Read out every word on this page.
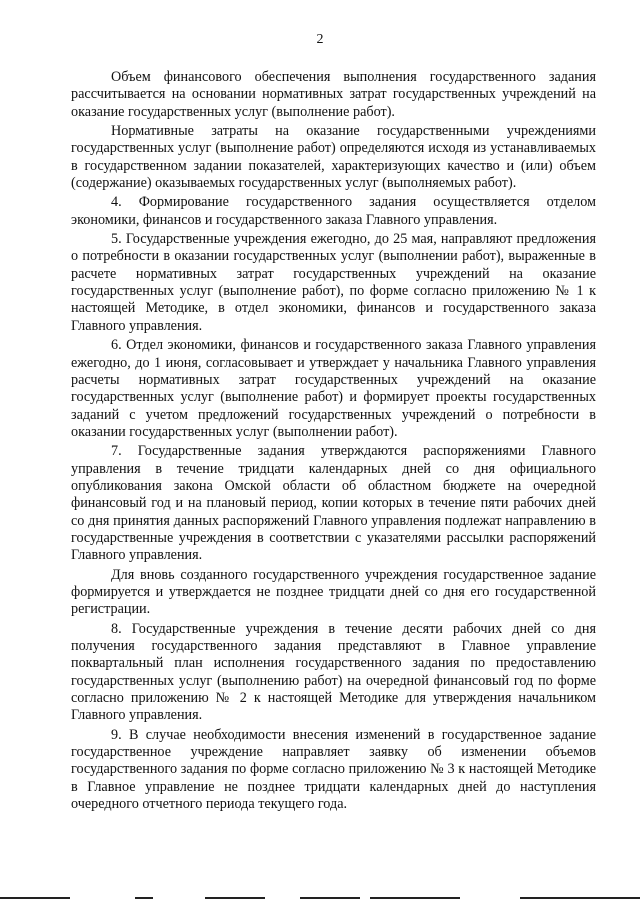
2

Объем финансового обеспечения выполнения государственного задания рассчитывается на основании нормативных затрат государственных учреждений на оказание государственных услуг (выполнение работ).

Нормативные затраты на оказание государственными учреждениями государственных услуг (выполнение работ) определяются исходя из устанавливаемых в государственном задании показателей, характеризующих качество и (или) объем (содержание) оказываемых государственных услуг (выполняемых работ).

4. Формирование государственного задания осуществляется отделом экономики, финансов и государственного заказа Главного управления.

5. Государственные учреждения ежегодно, до 25 мая, направляют предложения о потребности в оказании государственных услуг (выполнении работ), выраженные в расчете нормативных затрат государственных учреждений на оказание государственных услуг (выполнение работ), по форме согласно приложению № 1 к настоящей Методике, в отдел экономики, финансов и государственного заказа Главного управления.

6. Отдел экономики, финансов и государственного заказа Главного управления ежегодно, до 1 июня, согласовывает и утверждает у начальника Главного управления расчеты нормативных затрат государственных учреждений на оказание государственных услуг (выполнение работ) и формирует проекты государственных заданий с учетом предложений государственных учреждений о потребности в оказании государственных услуг (выполнении работ).

7. Государственные задания утверждаются распоряжениями Главного управления в течение тридцати календарных дней со дня официального опубликования закона Омской области об областном бюджете на очередной финансовый год и на плановый период, копии которых в течение пяти рабочих дней со дня принятия данных распоряжений Главного управления подлежат направлению в государственные учреждения в соответствии с указателями рассылки распоряжений Главного управления.

Для вновь созданного государственного учреждения государственное задание формируется и утверждается не позднее тридцати дней со дня его государственной регистрации.

8. Государственные учреждения в течение десяти рабочих дней со дня получения государственного задания представляют в Главное управление поквартальный план исполнения государственного задания по предоставлению государственных услуг (выполнению работ) на очередной финансовый год по форме согласно приложению № 2 к настоящей Методике для утверждения начальником Главного управления.

9. В случае необходимости внесения изменений в государственное задание государственное учреждение направляет заявку об изменении объемов государственного задания по форме согласно приложению № 3 к настоящей Методике в Главное управление не позднее тридцати календарных дней до наступления очередного отчетного периода текущего года.
